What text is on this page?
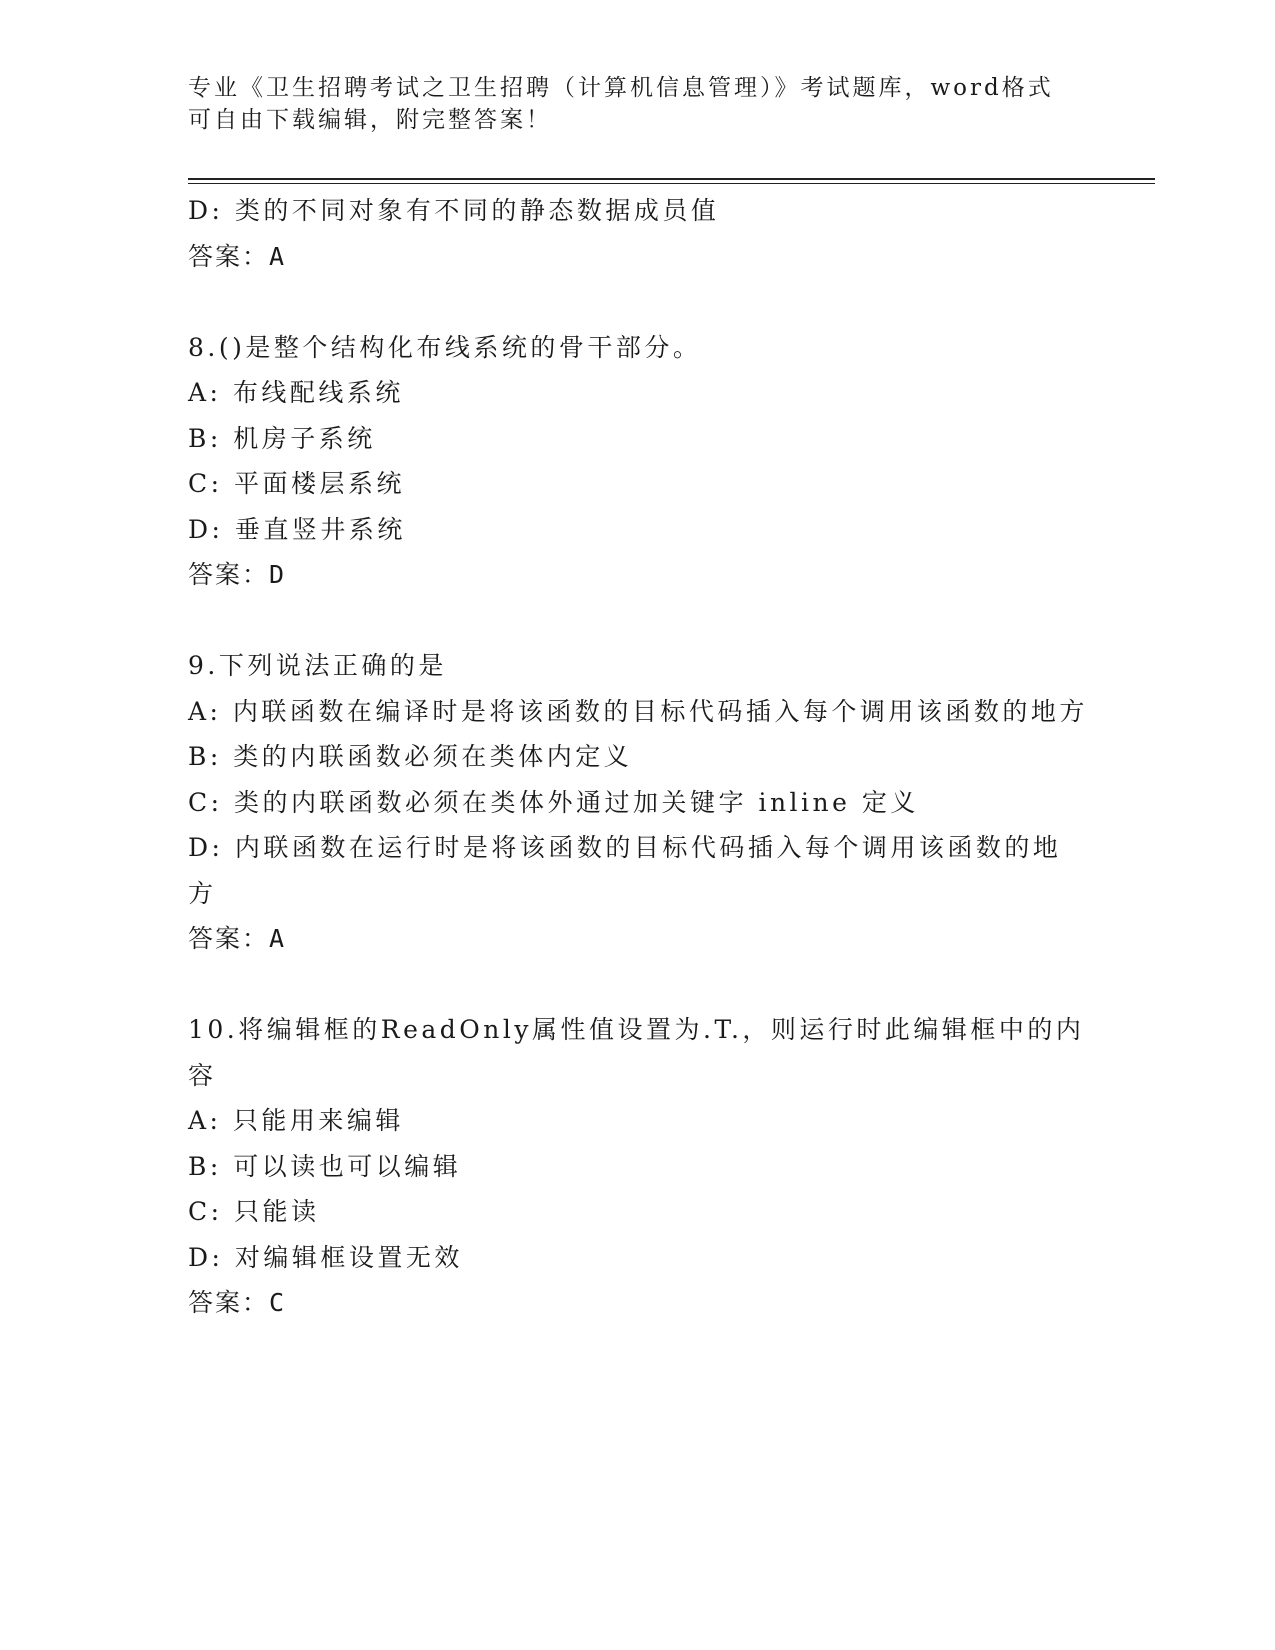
专业《卫生招聘考试之卫生招聘（计算机信息管理）》考试题库，word格式可自由下载编辑，附完整答案！
D: 类的不同对象有不同的静态数据成员值
答案：A
8.()是整个结构化布线系统的骨干部分。
A: 布线配线系统
B: 机房子系统
C: 平面楼层系统
D: 垂直竖井系统
答案：D
9.下列说法正确的是
A: 内联函数在编译时是将该函数的目标代码插入每个调用该函数的地方
B: 类的内联函数必须在类体内定义
C: 类的内联函数必须在类体外通过加关键字 inline 定义
D: 内联函数在运行时是将该函数的目标代码插入每个调用该函数的地方
答案：A
10.将编辑框的ReadOnly属性值设置为.T.，则运行时此编辑框中的内容
A: 只能用来编辑
B: 可以读也可以编辑
C: 只能读
D: 对编辑框设置无效
答案：C
